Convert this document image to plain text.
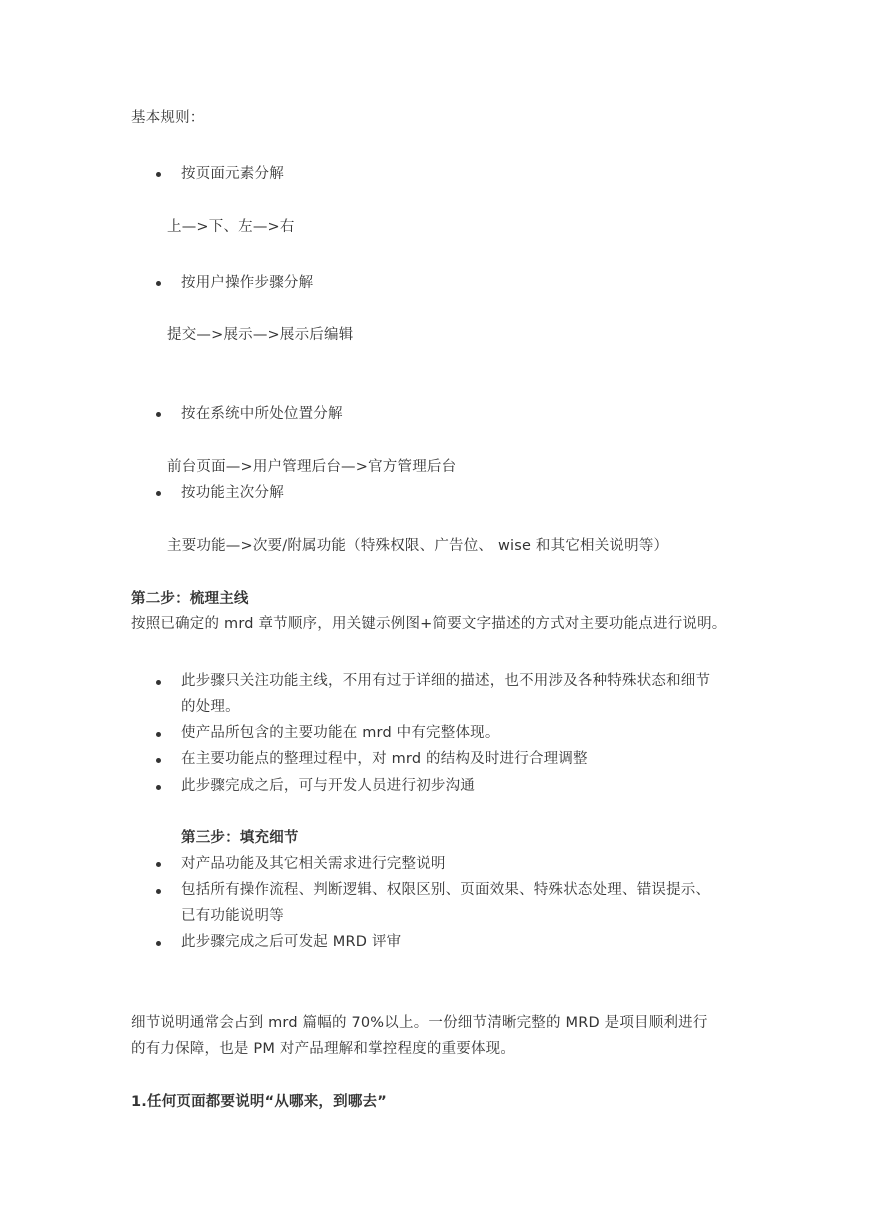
基本规则：
按页面元素分解
上—>下、左—>右
按用户操作步骤分解
提交—>展示—>展示后编辑
按在系统中所处位置分解
前台页面—>用户管理后台—>官方管理后台
按功能主次分解
主要功能—>次要/附属功能（特殊权限、广告位、 wise 和其它相关说明等）
第二步：梳理主线
按照已确定的 mrd 章节顺序，用关键示例图+简要文字描述的方式对主要功能点进行说明。
此步骤只关注功能主线，不用有过于详细的描述，也不用涉及各种特殊状态和细节
的处理。
使产品所包含的主要功能在 mrd 中有完整体现。
在主要功能点的整理过程中，对 mrd 的结构及时进行合理调整
此步骤完成之后，可与开发人员进行初步沟通
第三步：填充细节
对产品功能及其它相关需求进行完整说明
包括所有操作流程、判断逻辑、权限区别、页面效果、特殊状态处理、错误提示、
已有功能说明等
此步骤完成之后可发起 MRD 评审
细节说明通常会占到 mrd 篇幅的 70%以上。一份细节清晰完整的 MRD 是项目顺利进行
的有力保障，也是 PM 对产品理解和掌控程度的重要体现。
1.任何页面都要说明“从哪来，到哪去”
